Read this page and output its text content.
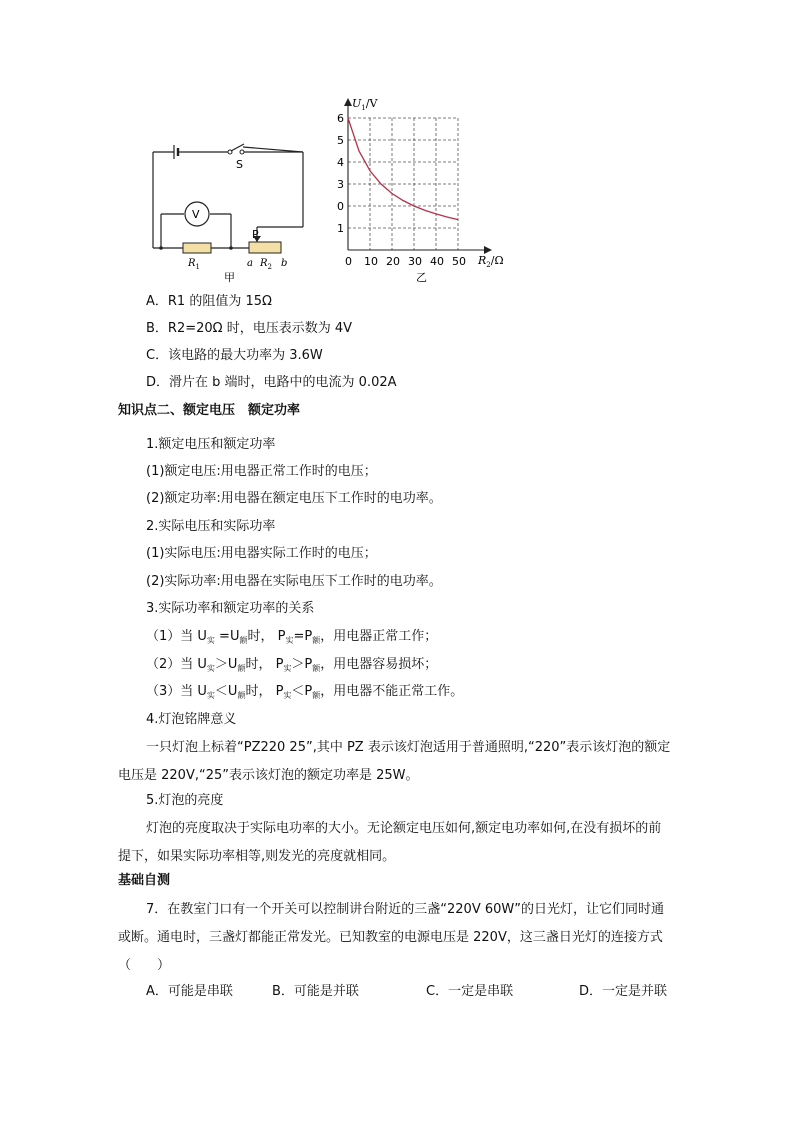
S
V
P
$R_1$	a $R_2$ b
甲
1
0
3
4
5
6
0 10 20 30 40 50
$U_1/V$
$R_2/\Omega$
乙
A．R1 的阻值为 15Ω
B．R2=20Ω 时，电压表示数为 4V
C．该电路的最大功率为 3.6W
D．滑片在 b 端时，电路中的电流为 0.02A
知识点二、额定电压　额定功率
1.额定电压和额定功率
(1)额定电压:用电器正常工作时的电压；
(2)额定功率:用电器在额定电压下工作时的电功率。
2.实际电压和实际功率
(1)实际电压:用电器实际工作时的电压；
(2)实际功率:用电器在实际电压下工作时的电功率。
3.实际功率和额定功率的关系
（1）当 $U_实 =U_额$时， $P_实=P_额$，用电器正常工作；
（2）当 $U_实>U_额$时， $P_实>P_额$，用电器容易损坏；
（3）当 $U_实<U_额$时， $P_实<P_额$，用电器不能正常工作。
4.灯泡铭牌意义
一只灯泡上标着“PZ220 25”,其中 PZ 表示该灯泡适用于普通照明,“220”表示该灯泡的额定电压是 220V,“25”表示该灯泡的额定功率是 25W。
5.灯泡的亮度
灯泡的亮度取决于实际电功率的大小。无论额定电压如何,额定电功率如何,在没有损坏的前提下，如果实际功率相等,则发光的亮度就相同。
基础自测
7．在教室门口有一个开关可以控制讲台附近的三盏“220V 60W”的日光灯，让它们同时通或断。通电时，三盏灯都能正常发光。已知教室的电源电压是 220V，这三盏日光灯的连接方式（　　）
A．可能是串联	B．可能是并联	C．一定是串联	D．一定是并联
